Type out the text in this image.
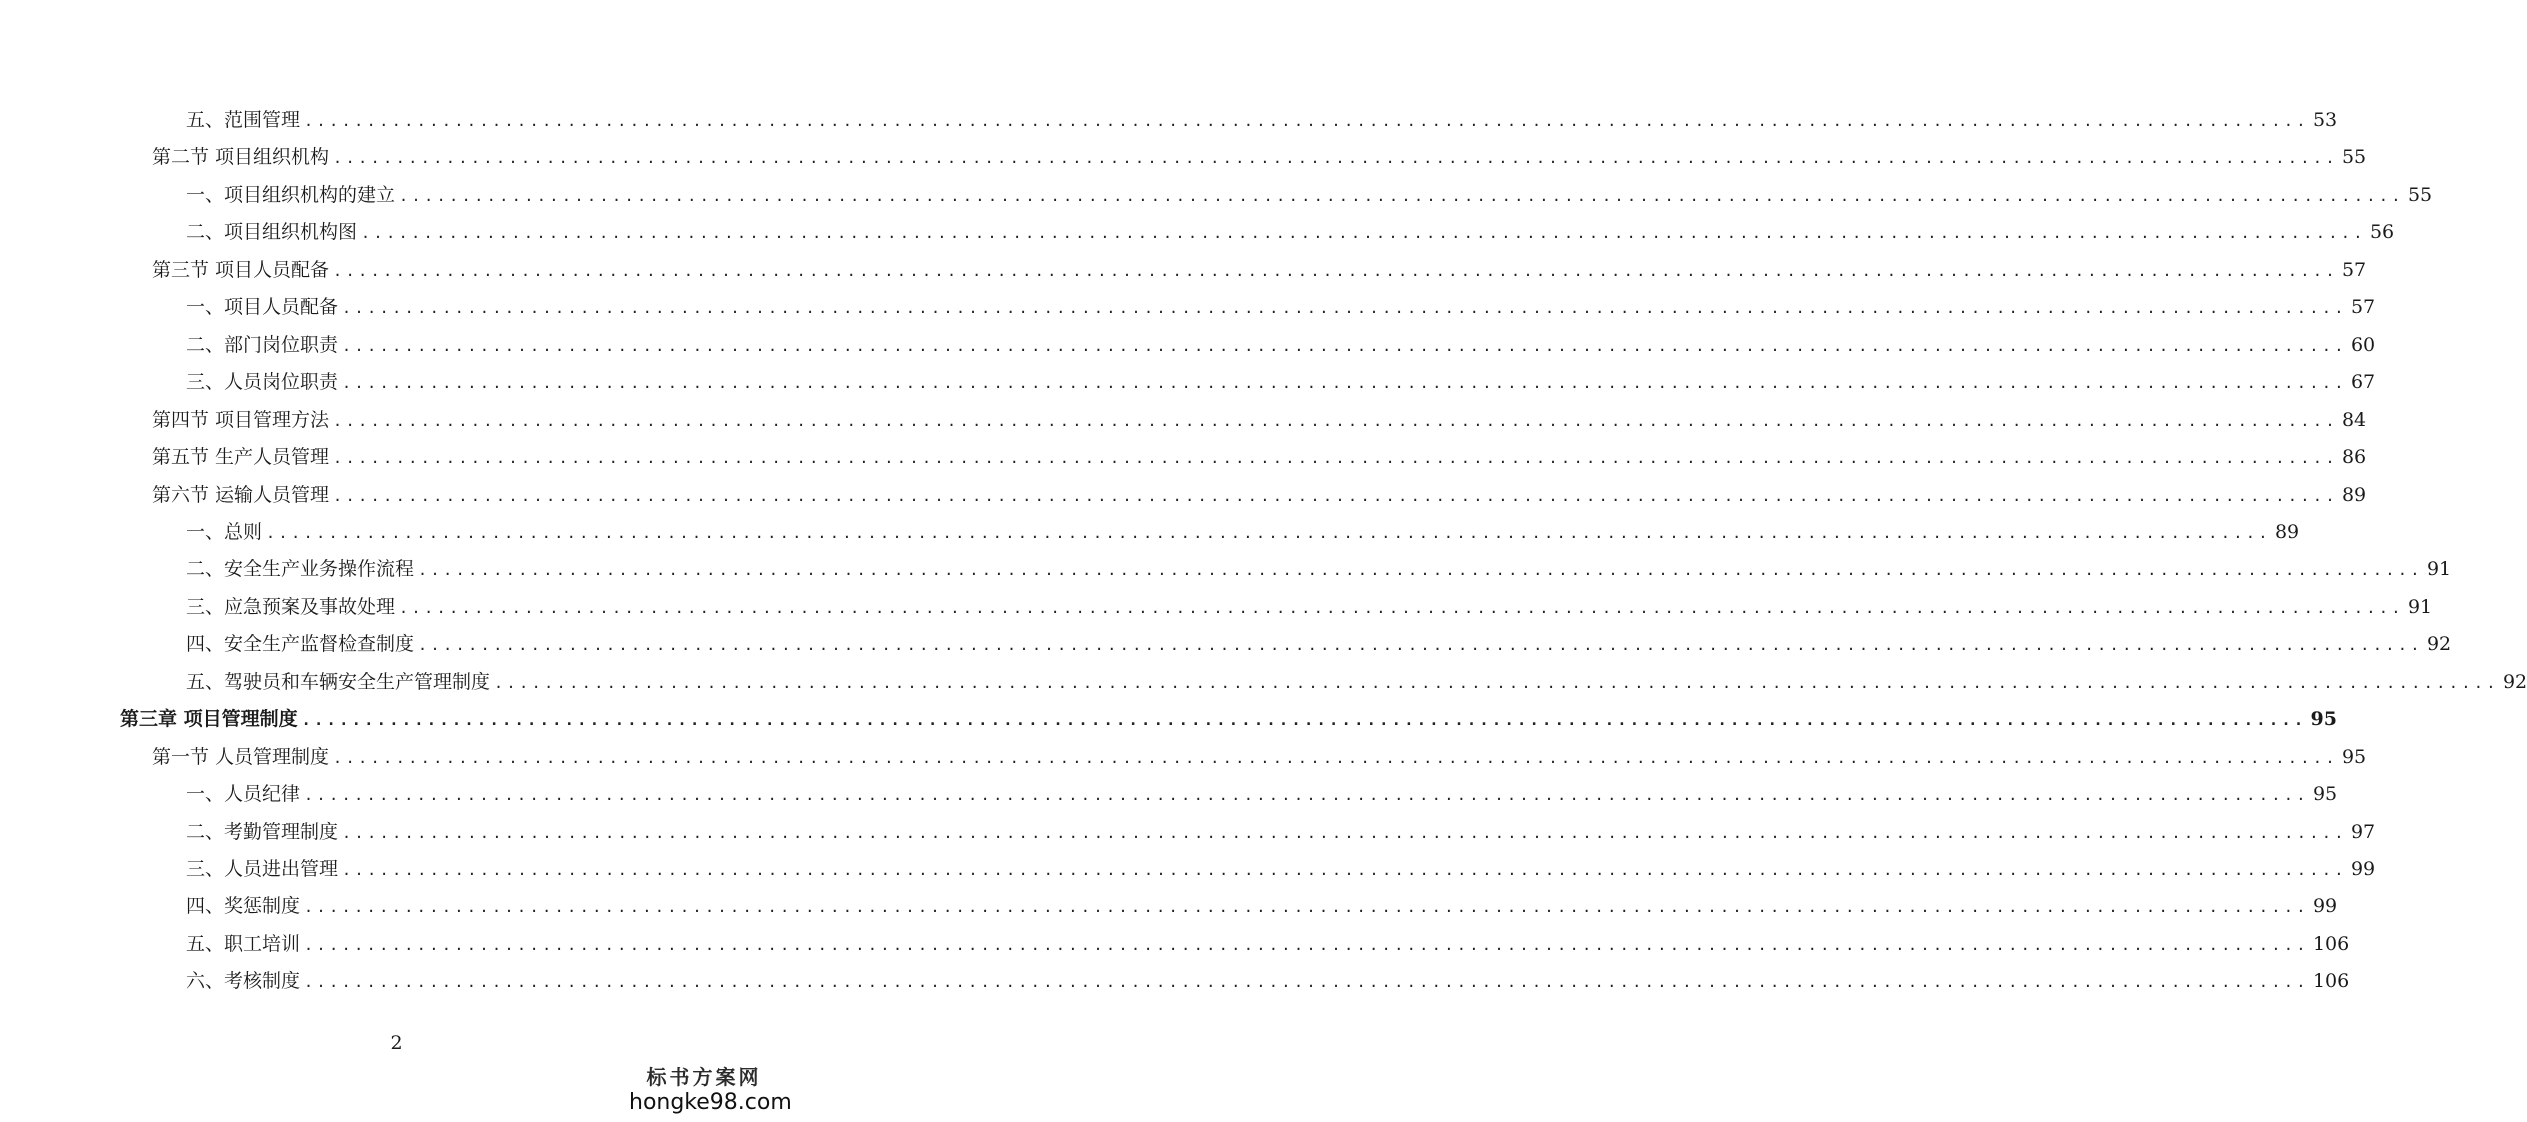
五、范围管理 ................................................................................................................................................................ 53
第二节 项目组织机构 ................................................................................................................................................................ 55
一、项目组织机构的建立 ................................................................................................................................................................ 55
二、项目组织机构图 ................................................................................................................................................................ 56
第三节 项目人员配备 ................................................................................................................................................................ 57
一、项目人员配备 ................................................................................................................................................................ 57
二、部门岗位职责 ................................................................................................................................................................ 60
三、人员岗位职责 ................................................................................................................................................................ 67
第四节 项目管理方法 ................................................................................................................................................................ 84
第五节 生产人员管理 ................................................................................................................................................................ 86
第六节 运输人员管理 ................................................................................................................................................................ 89
一、总则 ................................................................................................................................................................ 89
二、安全生产业务操作流程 ................................................................................................................................................................ 91
三、应急预案及事故处理 ................................................................................................................................................................ 91
四、安全生产监督检查制度 ................................................................................................................................................................ 92
五、驾驶员和车辆安全生产管理制度 ................................................................................................................................................................ 92
第三章 项目管理制度 ................................................................................................................................................................ 95
第一节 人员管理制度 ................................................................................................................................................................ 95
一、人员纪律 ................................................................................................................................................................ 95
二、考勤管理制度 ................................................................................................................................................................ 97
三、人员进出管理 ................................................................................................................................................................ 99
四、奖惩制度 ................................................................................................................................................................ 99
五、职工培训 ................................................................................................................................................................ 106
六、考核制度 ................................................................................................................................................................ 106
2
标书方案网
hongke98.com
